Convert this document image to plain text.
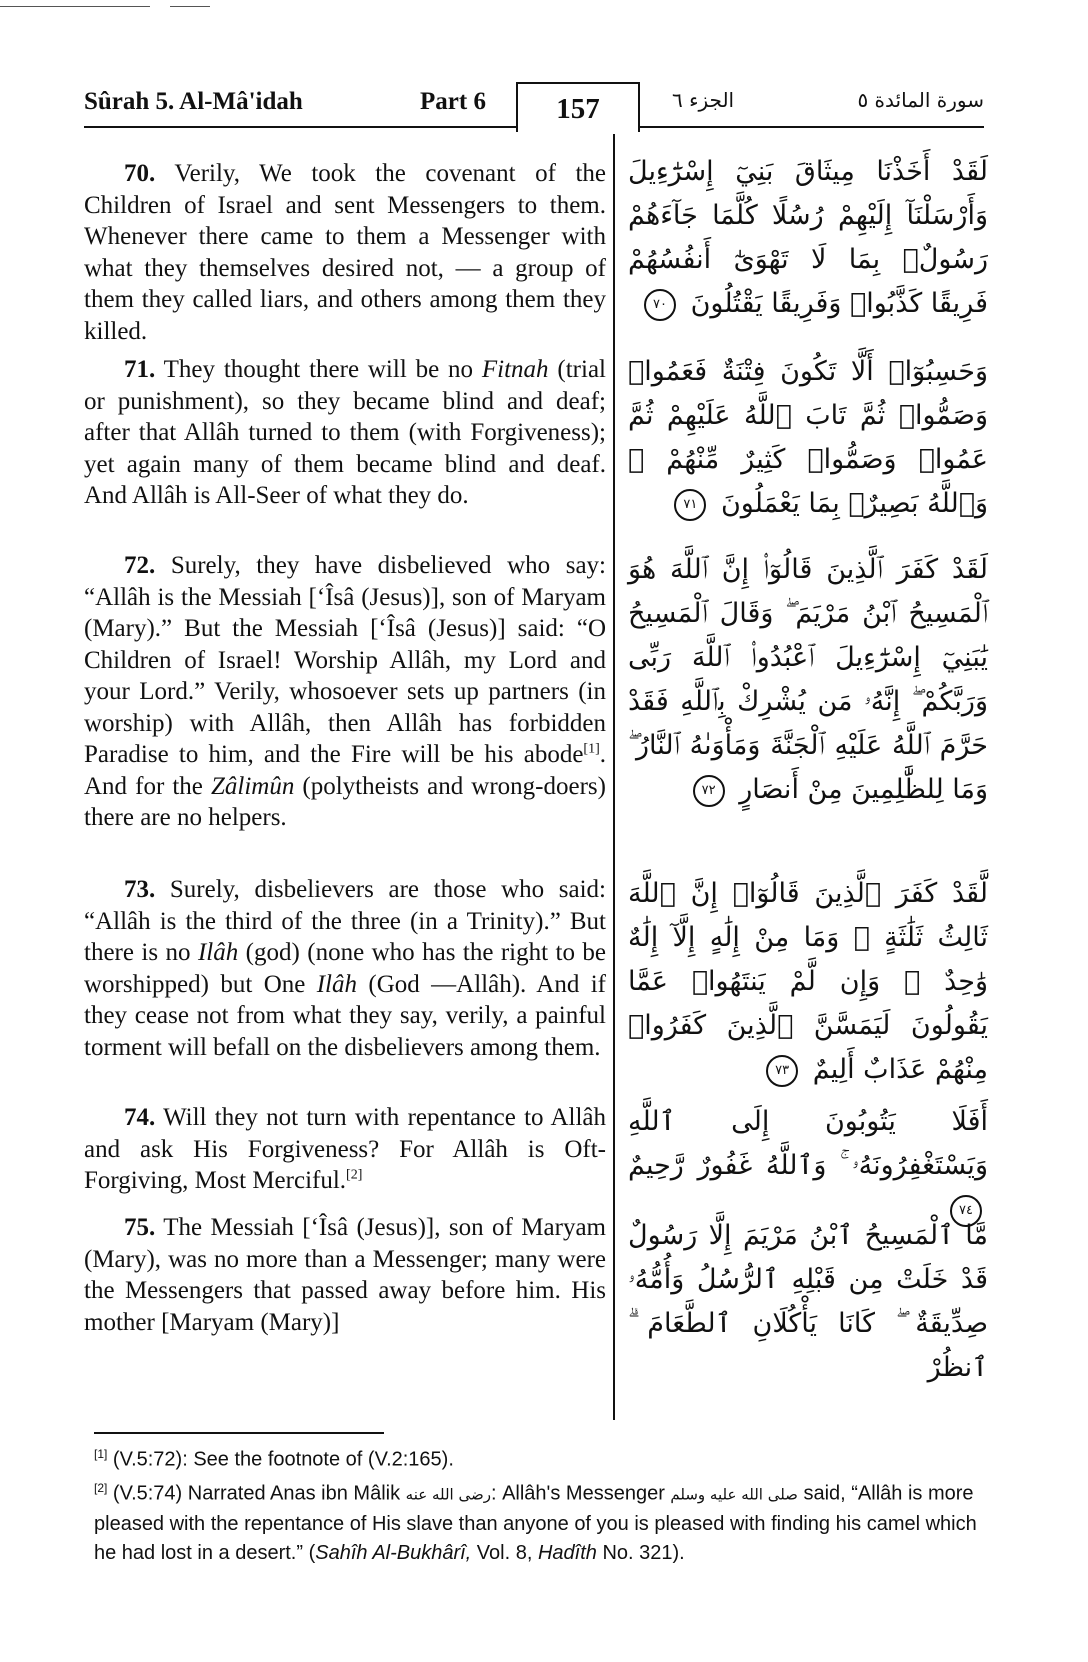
Sûrah 5. Al-Mâ'idah	Part 6	157	الجزء ٦	سورة المائدة ٥

70. Verily, We took the covenant of the Children of Israel and sent Messengers to them. Whenever there came to them a Messenger with what they themselves desired not, — a group of them they called liars, and others among them they killed.

71. They thought there will be no Fitnah (trial or punishment), so they became blind and deaf; after that Allâh turned to them (with Forgiveness); yet again many of them became blind and deaf. And Allâh is All-Seer of what they do.

72. Surely, they have disbelieved who say: “Allâh is the Messiah [‘Îsâ (Jesus)], son of Maryam (Mary).” But the Messiah [‘Îsâ (Jesus)] said: “O Children of Israel! Worship Allâh, my Lord and your Lord.” Verily, whosoever sets up partners (in worship) with Allâh, then Allâh has forbidden Paradise to him, and the Fire will be his abode[1]. And for the Zâlimûn (polytheists and wrong-doers) there are no helpers.

73. Surely, disbelievers are those who said: “Allâh is the third of the three (in a Trinity).” But there is no Ilâh (god) (none who has the right to be worshipped) but One Ilâh (God —Allâh). And if they cease not from what they say, verily, a painful torment will befall on the disbelievers among them.

74. Will they not turn with repentance to Allâh and ask His Forgiveness? For Allâh is Oft-Forgiving, Most Merciful.[2]

75. The Messiah [‘Îsâ (Jesus)], son of Maryam (Mary), was no more than a Messenger; many were the Messengers that passed away before him. His mother [Maryam (Mary)]

لَقَدْ أَخَذْنَا مِيثَاقَ بَنِيٓ إِسْرَٰٓءِيلَ وَأَرْسَلْنَآ إِلَيْهِمْ رُسُلًا كُلَّمَا جَآءَهُمْ رَسُولٌۢ بِمَا لَا تَهْوَىٰٓ أَنفُسُهُمْ فَرِيقًا كَذَّبُوا۟ وَفَرِيقًا يَقْتُلُونَ ٧٠
وَحَسِبُوٓا۟ أَلَّا تَكُونَ فِتْنَةٌ فَعَمُوا۟ وَصَمُّوا۟ ثُمَّ تَابَ ٱللَّهُ عَلَيْهِمْ ثُمَّ عَمُوا۟ وَصَمُّوا۟ كَثِيرٌ مِّنْهُمْ ۚ وَٱللَّهُ بَصِيرٌۢ بِمَا يَعْمَلُونَ ٧١
لَقَدْ كَفَرَ ٱلَّذِينَ قَالُوٓا۟ إِنَّ ٱللَّهَ هُوَ ٱلْمَسِيحُ ٱبْنُ مَرْيَمَ ۖ وَقَالَ ٱلْمَسِيحُ يَٰبَنِيٓ إِسْرَٰٓءِيلَ ٱعْبُدُوا۟ ٱللَّهَ رَبِّى وَرَبَّكُمْ ۖ إِنَّهُۥ مَن يُشْرِكْ بِٱللَّهِ فَقَدْ حَرَّمَ ٱللَّهُ عَلَيْهِ ٱلْجَنَّةَ وَمَأْوَىٰهُ ٱلنَّارُ ۖ وَمَا لِلظَّٰلِمِينَ مِنْ أَنصَارٍ ٧٢
لَّقَدْ كَفَرَ ٱلَّذِينَ قَالُوٓا۟ إِنَّ ٱللَّهَ ثَالِثُ ثَلَٰثَةٍ ۘ وَمَا مِنْ إِلَٰهٍ إِلَّآ إِلَٰهٌ وَٰحِدٌ ۚ وَإِن لَّمْ يَنتَهُوا۟ عَمَّا يَقُولُونَ لَيَمَسَّنَّ ٱلَّذِينَ كَفَرُوا۟ مِنْهُمْ عَذَابٌ أَلِيمٌ ٧٣
أَفَلَا يَتُوبُونَ إِلَى ٱللَّهِ وَيَسْتَغْفِرُونَهُۥ ۚ وَٱللَّهُ غَفُورٌ رَّحِيمٌ ٧٤
مَّا ٱلْمَسِيحُ ٱبْنُ مَرْيَمَ إِلَّا رَسُولٌ قَدْ خَلَتْ مِن قَبْلِهِ ٱلرُّسُلُ وَأُمُّهُۥ صِدِّيقَةٌ ۖ كَانَا يَأْكُلَانِ ٱلطَّعَامَ ۗ ٱنظُرْ
[1] (V.5:72): See the footnote of (V.2:165).
[2] (V.5:74) Narrated Anas ibn Mâlik رضى الله عنه: Allâh's Messenger صلى الله عليه وسلم said, “Allâh is more pleased with the repentance of His slave than anyone of you is pleased with finding his camel which he had lost in a desert.” (Sahîh Al-Bukhârî, Vol. 8, Hadîth No. 321).
